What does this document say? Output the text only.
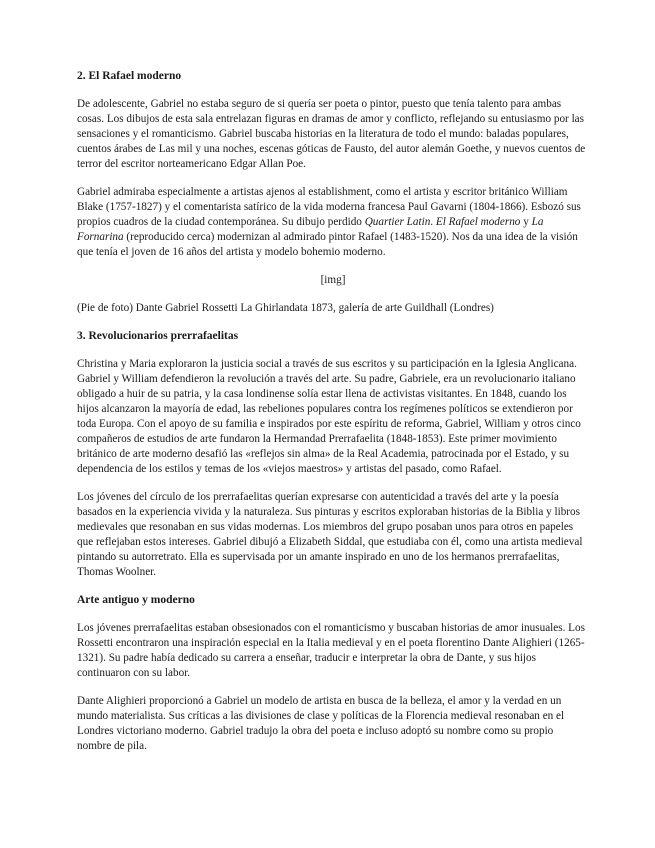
2. El Rafael moderno

De adolescente, Gabriel no estaba seguro de si quería ser poeta o pintor, puesto que tenía talento para ambas cosas. Los dibujos de esta sala entrelazan figuras en dramas de amor y conflicto, reflejando su entusiasmo por las sensaciones y el romanticismo. Gabriel buscaba historias en la literatura de todo el mundo: baladas populares, cuentos árabes de Las mil y una noches, escenas góticas de Fausto, del autor alemán Goethe, y nuevos cuentos de terror del escritor norteamericano Edgar Allan Poe.

Gabriel admiraba especialmente a artistas ajenos al establishment, como el artista y escritor británico William Blake (1757-1827) y el comentarista satírico de la vida moderna francesa Paul Gavarni (1804-1866). Esbozó sus propios cuadros de la ciudad contemporánea. Su dibujo perdido Quartier Latin. El Rafael moderno y La Fornarina (reproducido cerca) modernizan al admirado pintor Rafael (1483-1520). Nos da una idea de la visión que tenía el joven de 16 años del artista y modelo bohemio moderno.

[img]

(Pie de foto) Dante Gabriel Rossetti La Ghirlandata 1873, galería de arte Guildhall (Londres)

3. Revolucionarios prerrafaelitas

Christina y Maria exploraron la justicia social a través de sus escritos y su participación en la Iglesia Anglicana. Gabriel y William defendieron la revolución a través del arte. Su padre, Gabriele, era un revolucionario italiano obligado a huir de su patria, y la casa londinense solía estar llena de activistas visitantes. En 1848, cuando los hijos alcanzaron la mayoría de edad, las rebeliones populares contra los regímenes políticos se extendieron por toda Europa. Con el apoyo de su familia e inspirados por este espíritu de reforma, Gabriel, William y otros cinco compañeros de estudios de arte fundaron la Hermandad Prerrafaelita (1848-1853). Este primer movimiento británico de arte moderno desafió las «reflejos sin alma» de la Real Academia, patrocinada por el Estado, y su dependencia de los estilos y temas de los «viejos maestros» y artistas del pasado, como Rafael.

Los jóvenes del círculo de los prerrafaelitas querían expresarse con autenticidad a través del arte y la poesía basados en la experiencia vivida y la naturaleza. Sus pinturas y escritos exploraban historias de la Biblia y libros medievales que resonaban en sus vidas modernas. Los miembros del grupo posaban unos para otros en papeles que reflejaban estos intereses. Gabriel dibujó a Elizabeth Siddal, que estudiaba con él, como una artista medieval pintando su autorretrato. Ella es supervisada por un amante inspirado en uno de los hermanos prerrafaelitas, Thomas Woolner.

Arte antiguo y moderno

Los jóvenes prerrafaelitas estaban obsesionados con el romanticismo y buscaban historias de amor inusuales. Los Rossetti encontraron una inspiración especial en la Italia medieval y en el poeta florentino Dante Alighieri (1265-1321). Su padre había dedicado su carrera a enseñar, traducir e interpretar la obra de Dante, y sus hijos continuaron con su labor.

Dante Alighieri proporcionó a Gabriel un modelo de artista en busca de la belleza, el amor y la verdad en un mundo materialista. Sus críticas a las divisiones de clase y políticas de la Florencia medieval resonaban en el Londres victoriano moderno. Gabriel tradujo la obra del poeta e incluso adoptó su nombre como su propio nombre de pila.
